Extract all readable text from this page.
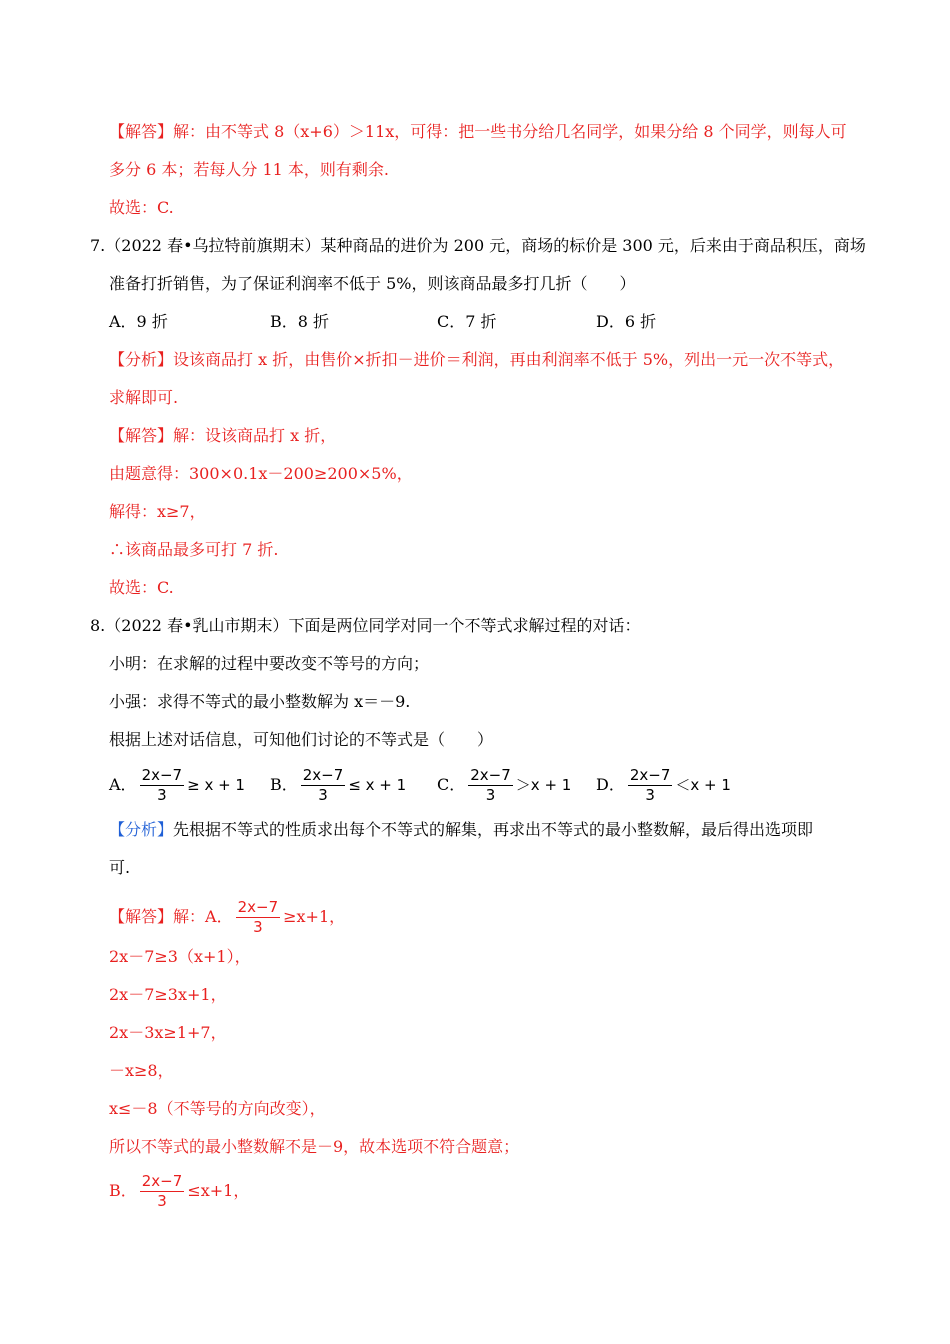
【解答】解：由不等式 8（x+6）＞11x，可得：把一些书分给几名同学，如果分给 8 个同学，则每人可
多分 6 本；若每人分 11 本，则有剩余.
故选：C.
7.（2022 春•乌拉特前旗期末）某种商品的进价为 200 元，商场的标价是 300 元，后来由于商品积压，商场
准备打折销售，为了保证利润率不低于 5%，则该商品最多打几折（　　）
A．9 折	B．8 折	C．7 折	D．6 折
【分析】设该商品打 x 折，由售价×折扣－进价＝利润，再由利润率不低于 5%，列出一元一次不等式，
求解即可.
【解答】解：设该商品打 x 折，
由题意得：300×0.1x－200≥200×5%，
解得：x≥7，
∴该商品最多可打 7 折.
故选：C.
8.（2022 春•乳山市期末）下面是两位同学对同一个不等式求解过程的对话：
小明：在求解的过程中要改变不等号的方向；
小强：求得不等式的最小整数解为 x＝－9.
根据上述对话信息，可知他们讨论的不等式是（　　）
A． $\frac{2x-7}{3} \ge x + 1$ B． $\frac{2x-7}{3} \le x + 1$ C． $\frac{2x-7}{3} >x + 1$ D． $\frac{2x-7}{3} <x + 1$
【分析】先根据不等式的性质求出每个不等式的解集，再求出不等式的最小整数解，最后得出选项即
可.
【解答】解：A． $\frac{2x-7}{3} \ge x+1$，
2x－7≥3（x+1），
2x－7≥3x+1，
2x－3x≥1+7，
－x≥8，
x≤－8（不等号的方向改变），
所以不等式的最小整数解不是－9，故本选项不符合题意；
B． $\frac{2x-7}{3} \le x+1$，
